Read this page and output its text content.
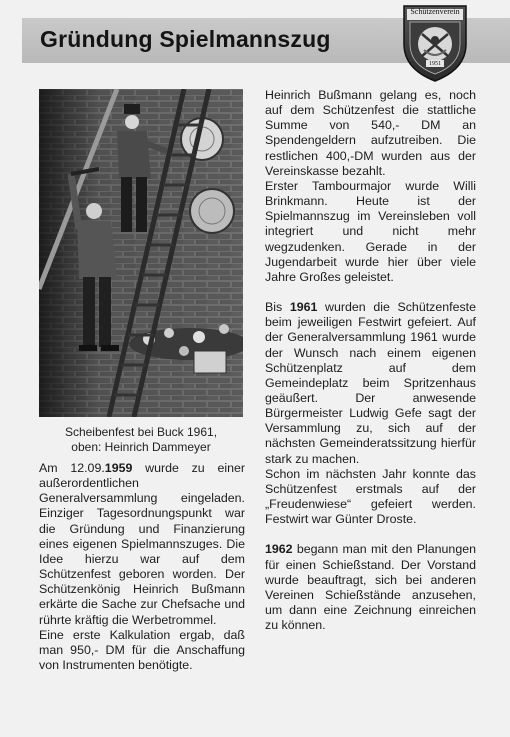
Gründung Spielmannszug
Schützenverein
1951
Scheibenfest bei Buck 1961,
oben: Heinrich Dammeyer

Am 12.09.1959 wurde zu einer außerordentlichen Generalversammlung eingeladen. Einziger Tagesordnungspunkt war die Gründung und Finanzierung eines eigenen Spielmannszuges. Die Idee hierzu war auf dem Schützenfest geboren worden. Der Schützenkönig Heinrich Bußmann erkärte die Sache zur Chefsache und rührte kräftig die Werbetrommel.

Eine erste Kalkulation ergab, daß man 950,- DM für die Anschaffung von Instrumenten benötigte.

Heinrich Bußmann gelang es, noch auf dem Schützenfest die stattliche Summe von 540,- DM an Spendengeldern aufzutreiben. Die restlichen 400,-DM wurden aus der Vereinskasse bezahlt.

Erster Tambourmajor wurde Willi Brinkmann. Heute ist der Spielmannszug im Vereinsleben voll integriert und nicht mehr wegzudenken. Gerade in der Jugendarbeit wurde hier über viele Jahre Großes geleistet.

Bis 1961 wurden die Schützenfeste beim jeweiligen Festwirt gefeiert. Auf der Generalversammlung 1961 wurde der Wunsch nach einem eigenen Schützenplatz auf dem Gemeindeplatz beim Spritzenhaus geäußert. Der anwesende Bürgermeister Ludwig Gefe sagt der Versammlung zu, sich auf der nächsten Gemeinderatssitzung hierfür stark zu machen.

Schon im nächsten Jahr konnte das Schützenfest erstmals auf der „Freudenwiese“ gefeiert werden. Festwirt war Günter Droste.

1962 begann man mit den Planungen für einen Schießstand. Der Vorstand wurde beauftragt, sich bei anderen Vereinen Schießstände anzusehen, um dann eine Zeichnung einreichen zu können.
